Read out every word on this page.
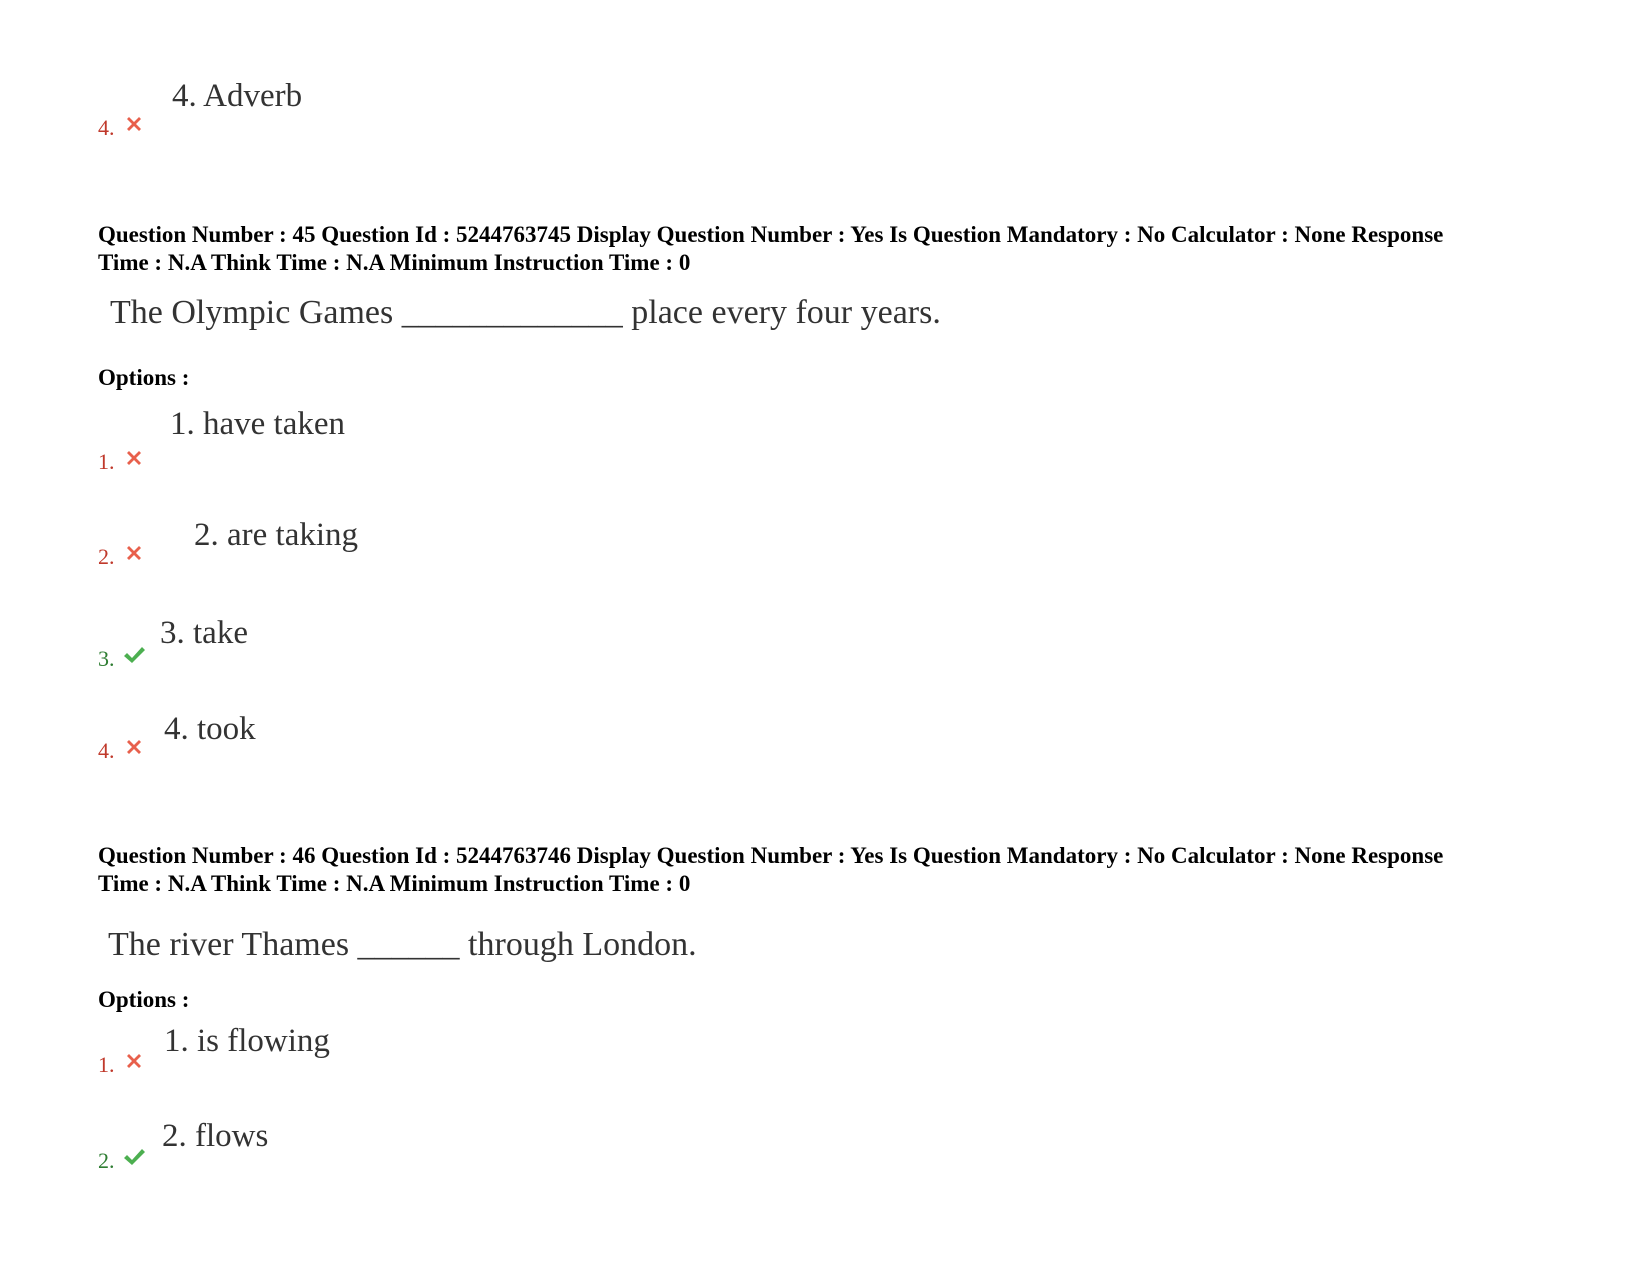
4. Adverb
4.

Question Number : 45 Question Id : 5244763745 Display Question Number : Yes Is Question Mandatory : No Calculator : None Response
Time : N.A Think Time : N.A Minimum Instruction Time : 0

The Olympic Games _____________ place every four years.
Options :
1. have taken
1.
2. are taking
2.
3. take
3.
4. took
4.

Question Number : 46 Question Id : 5244763746 Display Question Number : Yes Is Question Mandatory : No Calculator : None Response
Time : N.A Think Time : N.A Minimum Instruction Time : 0

The river Thames ______ through London.
Options :
1. is flowing
1.
2. flows
2.
